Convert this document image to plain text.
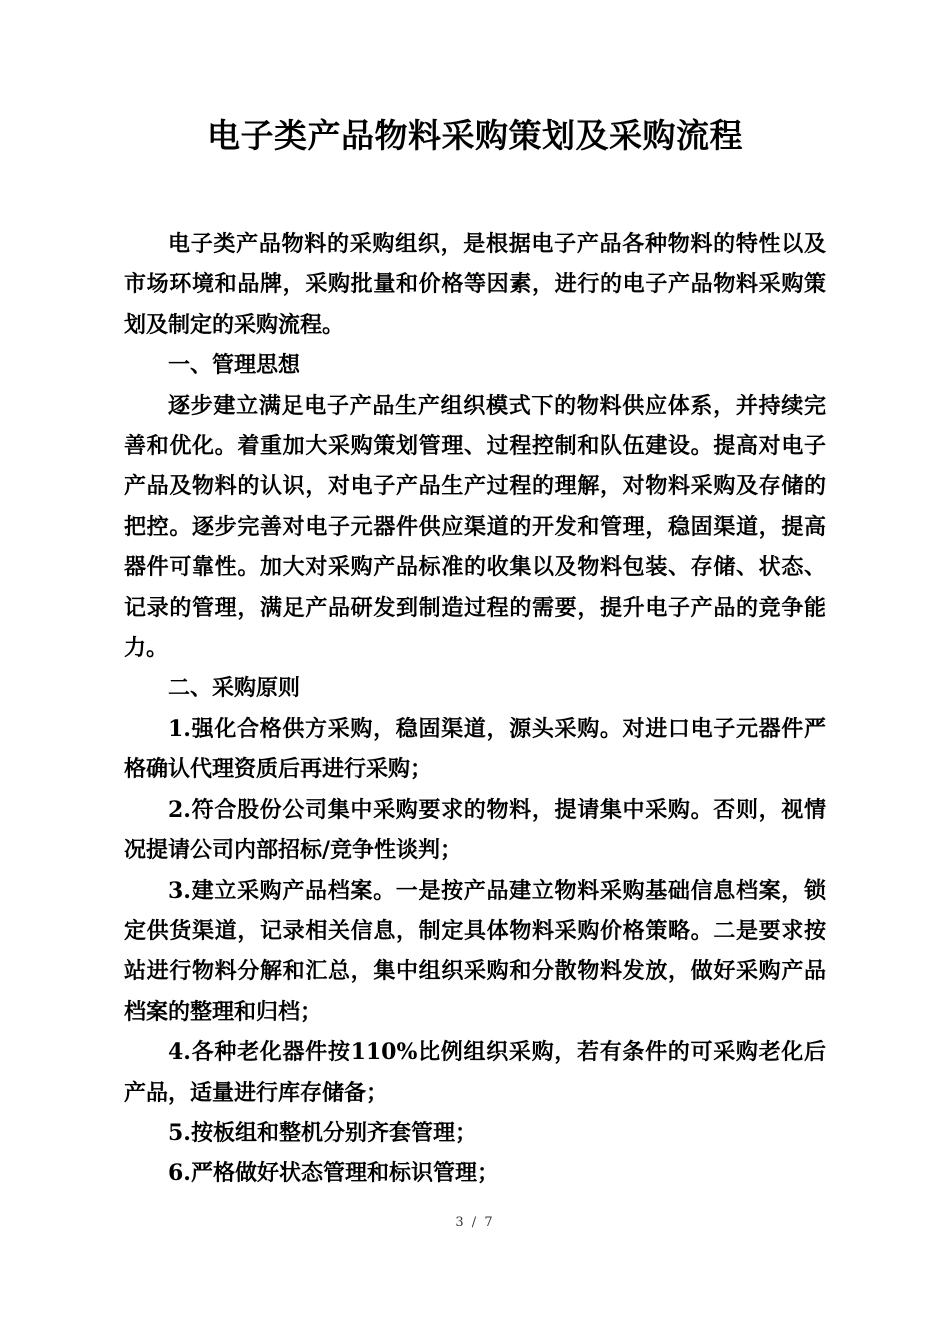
电子类产品物料采购策划及采购流程

电子类产品物料的采购组织，是根据电子产品各种物料的特性以及市场环境和品牌，采购批量和价格等因素，进行的电子产品物料采购策划及制定的采购流程。

一、管理思想

逐步建立满足电子产品生产组织模式下的物料供应体系，并持续完善和优化。着重加大采购策划管理、过程控制和队伍建设。提高对电子产品及物料的认识，对电子产品生产过程的理解，对物料采购及存储的把控。逐步完善对电子元器件供应渠道的开发和管理，稳固渠道，提高器件可靠性。加大对采购产品标准的收集以及物料包装、存储、状态、记录的管理，满足产品研发到制造过程的需要，提升电子产品的竞争能力。

二、采购原则

1.强化合格供方采购，稳固渠道，源头采购。对进口电子元器件严格确认代理资质后再进行采购；

2.符合股份公司集中采购要求的物料，提请集中采购。否则，视情况提请公司内部招标/竞争性谈判；

3.建立采购产品档案。一是按产品建立物料采购基础信息档案，锁定供货渠道，记录相关信息，制定具体物料采购价格策略。二是要求按站进行物料分解和汇总，集中组织采购和分散物料发放，做好采购产品档案的整理和归档；

4.各种老化器件按110%比例组织采购，若有条件的可采购老化后产品，适量进行库存储备；

5.按板组和整机分别齐套管理；

6.严格做好状态管理和标识管理；

3 / 7
